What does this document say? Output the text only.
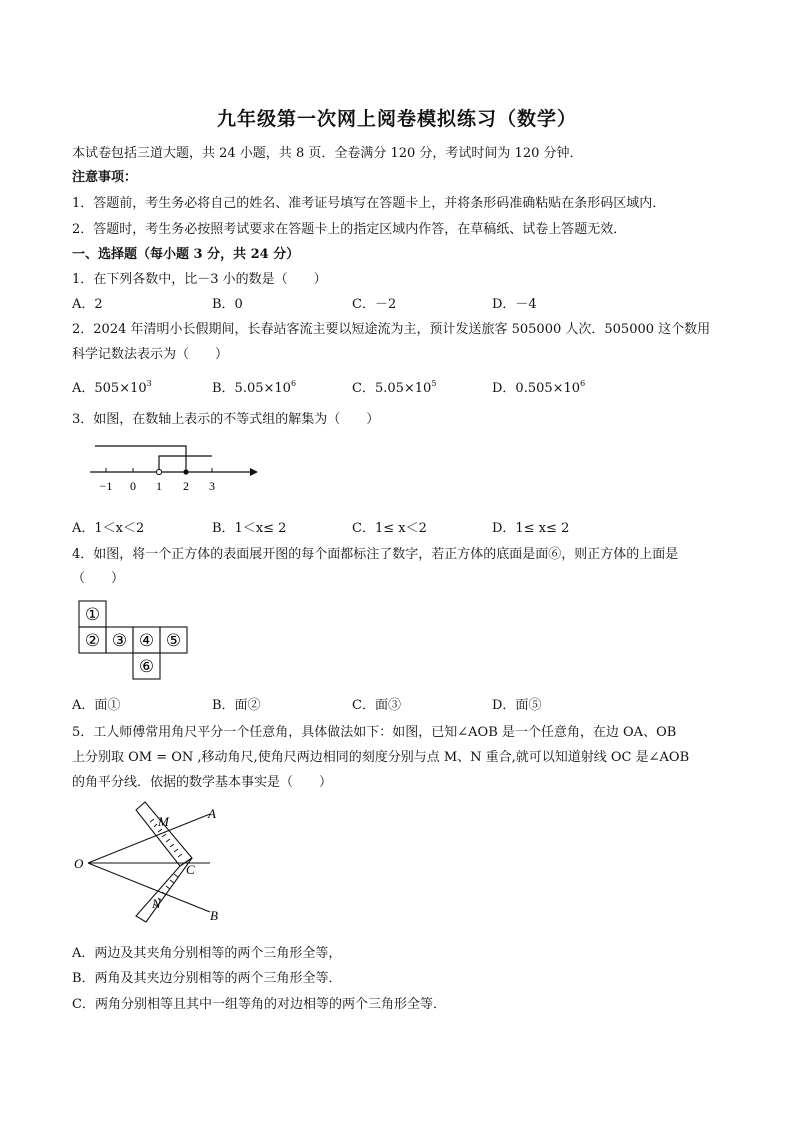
九年级第一次网上阅卷模拟练习（数学）
本试卷包括三道大题，共 24 小题，共 8 页．全卷满分 120 分，考试时间为 120 分钟．
注意事项：
1．答题前，考生务必将自己的姓名、准考证号填写在答题卡上，并将条形码准确粘贴在条形码区域内．
2．答题时，考生务必按照考试要求在答题卡上的指定区域内作答，在草稿纸、试卷上答题无效．
一、选择题（每小题 3 分，共 24 分）
1．在下列各数中，比－3 小的数是（　　）
A．2	B．0	C．－2	D．－4
2．2024 年清明小长假期间，长春站客流主要以短途流为主，预计发送旅客 505000 人次．505000 这个数用
科学记数法表示为（　　）
A．$505\times 10^3$	B．$5.05\times 10^6$	C．$5.05\times 10^5$	D．$0.505\times 10^6$
3．如图，在数轴上表示的不等式组的解集为（　　）
−1 0 1 2 3
A．1＜x＜2	B．1＜x≤ 2	C．1≤ x＜2	D．1≤ x≤ 2
4．如图，将一个正方体的表面展开图的每个面都标注了数字，若正方体的底面是面⑥，则正方体的上面是
（　　）
①
② ③ ④ ⑤
⑥
A．面①	B．面②	C．面③	D．面⑤
5．工人师傅常用角尺平分一个任意角，具体做法如下：如图，已知∠AOB 是一个任意角，在边 OA、OB
上分别取 OM = ON ,移动角尺,使角尺两边相同的刻度分别与点 M、N 重合,就可以知道射线 OC 是∠AOB
的角平分线．依据的数学基本事实是（　　）
O
A
B
M
N
C
A．两边及其夹角分别相等的两个三角形全等，
B．两角及其夹边分别相等的两个三角形全等．
C．两角分别相等且其中一组等角的对边相等的两个三角形全等．
